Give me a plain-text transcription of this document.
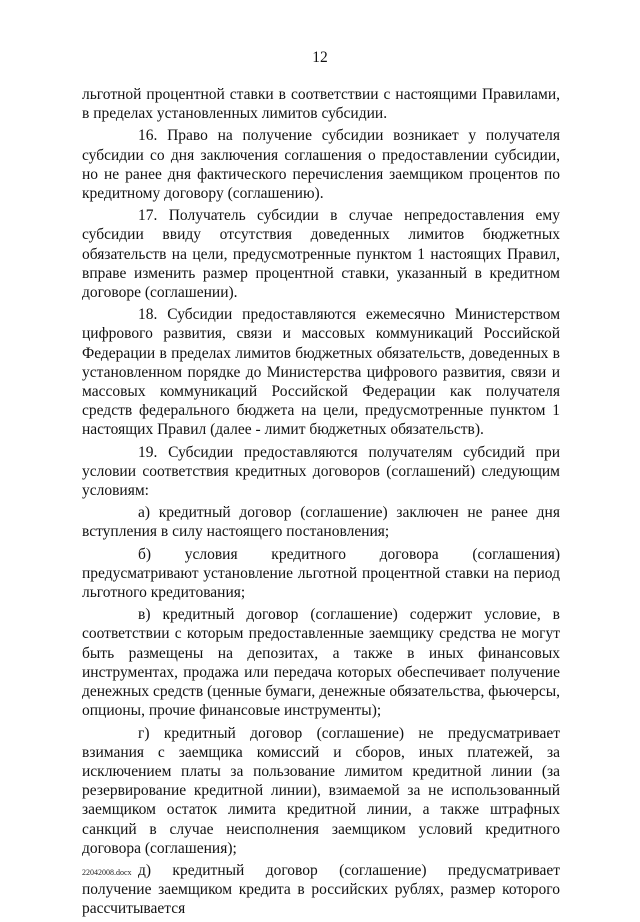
12

льготной процентной ставки в соответствии с настоящими Правилами, в пределах установленных лимитов субсидии.

16. Право на получение субсидии возникает у получателя субсидии со дня заключения соглашения о предоставлении субсидии, но не ранее дня фактического перечисления заемщиком процентов по кредитному договору (соглашению).

17. Получатель субсидии в случае непредоставления ему субсидии ввиду отсутствия доведенных лимитов бюджетных обязательств на цели, предусмотренные пунктом 1 настоящих Правил, вправе изменить размер процентной ставки, указанный в кредитном договоре (соглашении).

18. Субсидии предоставляются ежемесячно Министерством цифрового развития, связи и массовых коммуникаций Российской Федерации в пределах лимитов бюджетных обязательств, доведенных в установленном порядке до Министерства цифрового развития, связи и массовых коммуникаций Российской Федерации как получателя средств федерального бюджета на цели, предусмотренные пунктом 1 настоящих Правил (далее - лимит бюджетных обязательств).

19. Субсидии предоставляются получателям субсидий при условии соответствия кредитных договоров (соглашений) следующим условиям:

а) кредитный договор (соглашение) заключен не ранее дня вступления в силу настоящего постановления;

б) условия кредитного договора (соглашения) предусматривают установление льготной процентной ставки на период льготного кредитования;

в) кредитный договор (соглашение) содержит условие, в соответствии с которым предоставленные заемщику средства не могут быть размещены на депозитах, а также в иных финансовых инструментах, продажа или передача которых обеспечивает получение денежных средств (ценные бумаги, денежные обязательства, фьючерсы, опционы, прочие финансовые инструменты);

г) кредитный договор (соглашение) не предусматривает взимания с заемщика комиссий и сборов, иных платежей, за исключением платы за пользование лимитом кредитной линии (за резервирование кредитной линии), взимаемой за не использованный заемщиком остаток лимита кредитной линии, а также штрафных санкций в случае неисполнения заемщиком условий кредитного договора (соглашения);

д) кредитный договор (соглашение) предусматривает получение заемщиком кредита в российских рублях, размер которого рассчитывается

22042008.docx
